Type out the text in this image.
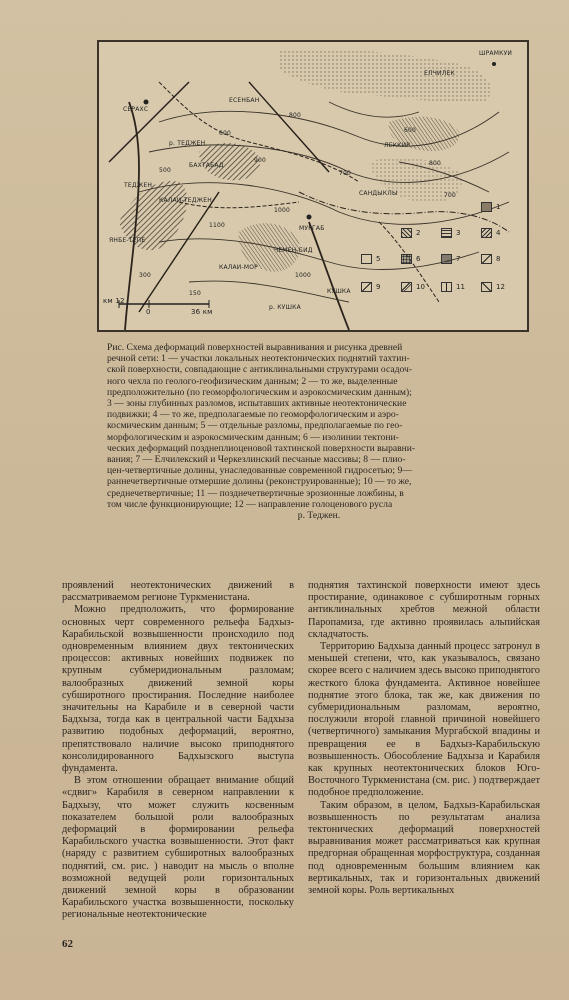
ШРАМКУИ
ЕЛЧИЛЕК
ЕСЕНБАН
СЕРАХС
р. ТЕДЖЕН	ЛЕККИР
КАЛАИ-ТЕДЖЕН
МУРГАБ
САНДЫКЛЫ
ЯНБЕ-ТЕПЕ
КАЛАИ-МОР
КУШКА
ТЕДЖЕН
р. КУШКА
БАХТАБАД
ЧЕМЕН-БИД
600
800
700
900
1000
1100
700
500
300
150
1000
800
600
км 12
0	36 км
1
2	3	4
5	6	7	8
9	10	11	12
Рис. Схема деформаций поверхностей выравнивания и рисунка древней
речной сети: 1 — участки локальных неотектонических поднятий тахтин-
ской поверхности, совпадающие с антиклинальными структурами осадоч-
ного чехла по геолого-геофизическим данным; 2 — то же, выделенные
предположительно (по геоморфологическим и аэрокосмическим данным);
3 — зоны глубинных разломов, испытавших активные неотектонические
подвижки; 4 — то же, предполагаемые по геоморфологическим и аэро-
космическим данным; 5 — отдельные разломы, предполагаемые по гео-
морфологическим и аэрокосмическим данным; 6 — изолинии тектони-
ческих деформаций позднеплиоценовой тахтинской поверхности выравни-
вания; 7 — Елчилекский и Черкезлинский песчаные массивы; 8 — плио-
цен-четвертичные долины, унаследованные современной гидросетью; 9—
раннечетвертичные отмершие долины (реконструированные); 10 — то же,
среднечетвертичные; 11 — позднечетвертичные эрозионные ложбины, в
том числе функционирующие; 12 — направление голоценового русла
р. Теджен.

проявлений неотектонических движений в рассматриваемом регионе Туркменистана.

Можно предположить, что формирование основных черт современного рельефа Бадхыз-Карабильской возвышенности происходило под одновременным влиянием двух тектонических процессов: активных новейших подвижек по крупным субмеридиональным разломам; валообразных движений земной коры субширотного простирания. Последние наиболее значительны на Карабиле и в северной части Бадхыза, тогда как в центральной части Бадхыза развитию подобных деформаций, вероятно, препятствовало наличие высоко приподнятого консолидированного Бадхызского выступа фундамента.

В этом отношении обращает внимание общий «сдвиг» Карабиля в северном направлении к Бадхызу, что может служить косвенным показателем большой роли валообразных деформаций в формировании рельефа Карабильского участка возвышенности. Этот факт (наряду с развитием субширотных валообразных поднятий, см. рис. ) наводит на мысль о вполне возможной ведущей роли горизонтальных движений земной коры в образовании Карабильского участка возвышенности, поскольку региональные неотектонические

поднятия тахтинской поверхности имеют здесь простирание, одинаковое с субширотным горных антиклинальных хребтов межной области Паропамиза, где активно проявилась альпийская складчатость.

Территорию Бадхыза данный процесс затронул в меньшей степени, что, как указывалось, связано скорее всего с наличием здесь высоко приподнятого жесткого блока фундамента. Активное новейшее поднятие этого блока, так же, как движения по субмеридиональным разломам, вероятно, послужили второй главной причиной новейшего (четвертичного) замыкания Мургабской впадины и превращения ее в Бадхыз-Карабильскую возвышенность. Обособление Бадхыза и Карабиля как крупных неотектонических блоков Юго-Восточного Туркменистана (см. рис. ) подтверждает подобное предположение.

Таким образом, в целом, Бадхыз-Карабильская возвышенность по результатам анализа тектонических деформаций поверхностей выравнивания может рассматриваться как крупная предгорная обращенная морфоструктура, созданная под одновременным большим влиянием как вертикальных, так и горизонтальных движений земной коры. Роль вертикальных

62
